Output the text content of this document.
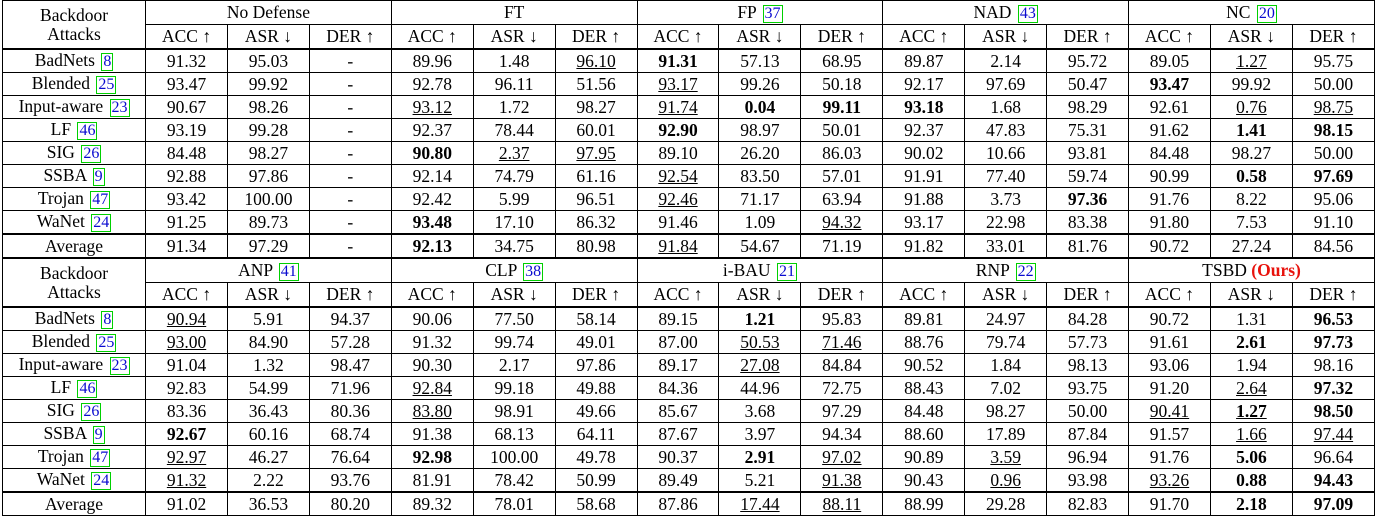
Backdoor
Attacks	No Defense			FT			FP 37			NAD 43			NC 20		
	ACC ↑	ASR ↓	DER ↑	ACC ↑	ASR ↓	DER ↑	ACC ↑	ASR ↓	DER ↑	ACC ↑	ASR ↓	DER ↑	ACC ↑	ASR ↓	DER ↑
BadNets 8	91.32	95.03	-	89.96	1.48	96.10	91.31	57.13	68.95	89.87	2.14	95.72	89.05	1.27	95.75
Blended 25	93.47	99.92	-	92.78	96.11	51.56	93.17	99.26	50.18	92.17	97.69	50.47	93.47	99.92	50.00
Input-aware 23	90.67	98.26	-	93.12	1.72	98.27	91.74	0.04	99.11	93.18	1.68	98.29	92.61	0.76	98.75
LF 46	93.19	99.28	-	92.37	78.44	60.01	92.90	98.97	50.01	92.37	47.83	75.31	91.62	1.41	98.15
SIG 26	84.48	98.27	-	90.80	2.37	97.95	89.10	26.20	86.03	90.02	10.66	93.81	84.48	98.27	50.00
SSBA 9	92.88	97.86	-	92.14	74.79	61.16	92.54	83.50	57.01	91.91	77.40	59.74	90.99	0.58	97.69
Trojan 47	93.42	100.00	-	92.42	5.99	96.51	92.46	71.17	63.94	91.88	3.73	97.36	91.76	8.22	95.06
WaNet 24	91.25	89.73	-	93.48	17.10	86.32	91.46	1.09	94.32	93.17	22.98	83.38	91.80	7.53	91.10
Average	91.34	97.29	-	92.13	34.75	80.98	91.84	54.67	71.19	91.82	33.01	81.76	90.72	27.24	84.56

Backdoor
Attacks	ANP 41			CLP 38			i-BAU 21			RNP 22			TSBD (Ours)		
	ACC ↑	ASR ↓	DER ↑	ACC ↑	ASR ↓	DER ↑	ACC ↑	ASR ↓	DER ↑	ACC ↑	ASR ↓	DER ↑	ACC ↑	ASR ↓	DER ↑
BadNets 8	90.94	5.91	94.37	90.06	77.50	58.14	89.15	1.21	95.83	89.81	24.97	84.28	90.72	1.31	96.53
Blended 25	93.00	84.90	57.28	91.32	99.74	49.01	87.00	50.53	71.46	88.76	79.74	57.73	91.61	2.61	97.73
Input-aware 23	91.04	1.32	98.47	90.30	2.17	97.86	89.17	27.08	84.84	90.52	1.84	98.13	93.06	1.94	98.16
LF 46	92.83	54.99	71.96	92.84	99.18	49.88	84.36	44.96	72.75	88.43	7.02	93.75	91.20	2.64	97.32
SIG 26	83.36	36.43	80.36	83.80	98.91	49.66	85.67	3.68	97.29	84.48	98.27	50.00	90.41	1.27	98.50
SSBA 9	92.67	60.16	68.74	91.38	68.13	64.11	87.67	3.97	94.34	88.60	17.89	87.84	91.57	1.66	97.44
Trojan 47	92.97	46.27	76.64	92.98	100.00	49.78	90.37	2.91	97.02	90.89	3.59	96.94	91.76	5.06	96.64
WaNet 24	91.32	2.22	93.76	81.91	78.42	50.99	89.49	5.21	91.38	90.43	0.96	93.98	93.26	0.88	94.43
Average	91.02	36.53	80.20	89.32	78.01	58.68	87.86	17.44	88.11	88.99	29.28	82.83	91.70	2.18	97.09
